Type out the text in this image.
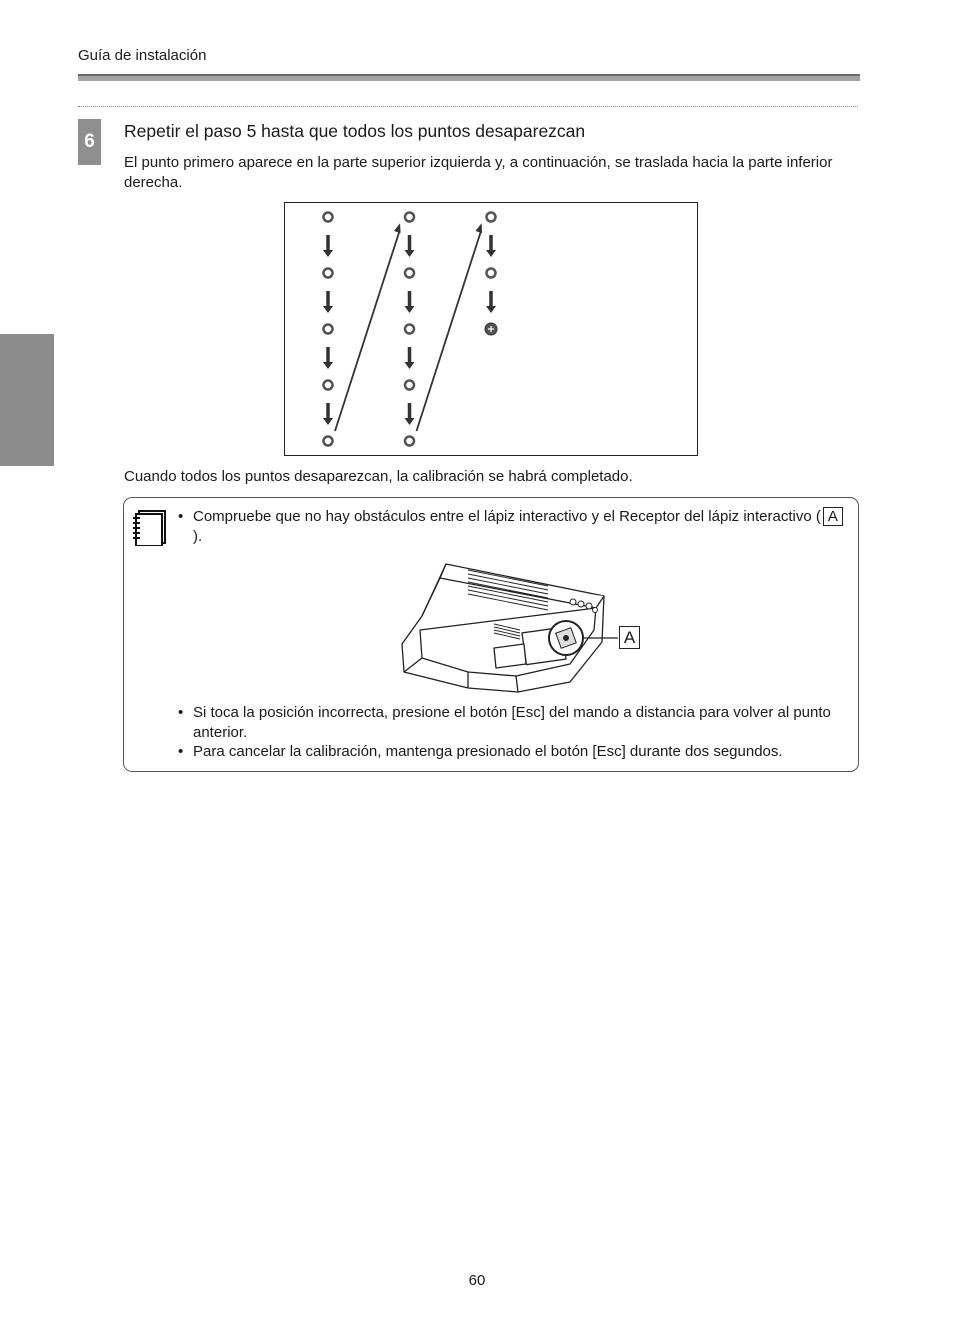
Guía de instalación
6	Repetir el paso 5 hasta que todos los puntos desaparezcan
El punto primero aparece en la parte superior izquierda y, a continuación, se traslada hacia la parte inferior derecha.
Cuando todos los puntos desaparezcan, la calibración se habrá completado.
• Compruebe que no hay obstáculos entre el lápiz interactivo y el Receptor del lápiz interactivo ( A).
A
• Si toca la posición incorrecta, presione el botón [Esc] del mando a distancia para volver al punto anterior.
• Para cancelar la calibración, mantenga presionado el botón [Esc] durante dos segundos.
60
